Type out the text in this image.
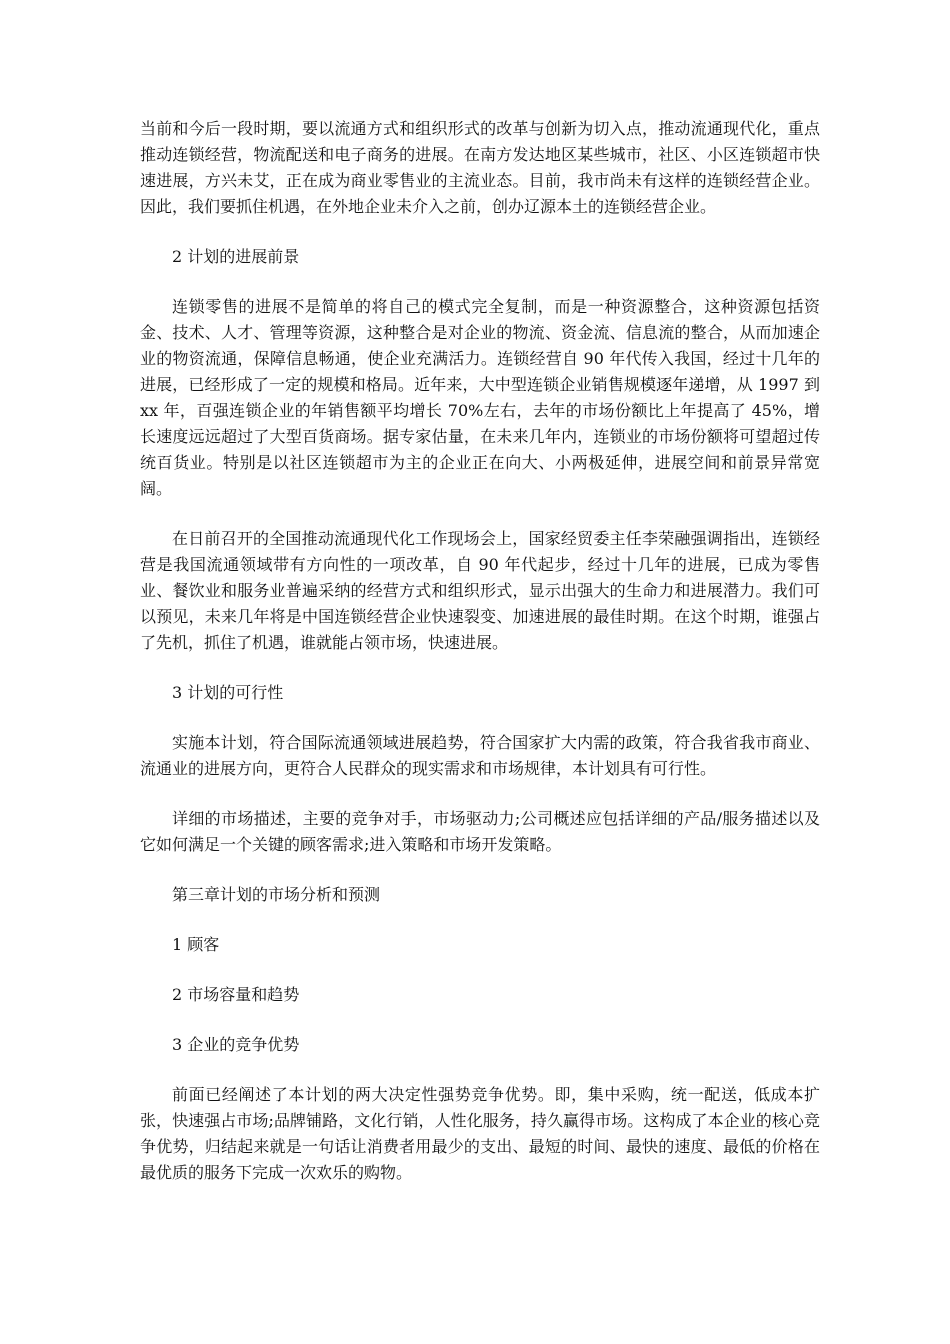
当前和今后一段时期，要以流通方式和组织形式的改革与创新为切入点，推动流通现代化，重点推动连锁经营，物流配送和电子商务的进展。在南方发达地区某些城市，社区、小区连锁超市快速进展，方兴未艾，正在成为商业零售业的主流业态。目前，我市尚未有这样的连锁经营企业。因此，我们要抓住机遇，在外地企业未介入之前，创办辽源本土的连锁经营企业。

2 计划的进展前景

连锁零售的进展不是简单的将自己的模式完全复制，而是一种资源整合，这种资源包括资金、技术、人才、管理等资源，这种整合是对企业的物流、资金流、信息流的整合，从而加速企业的物资流通，保障信息畅通，使企业充满活力。连锁经营自 90 年代传入我国，经过十几年的进展，已经形成了一定的规模和格局。近年来，大中型连锁企业销售规模逐年递增，从 1997 到 xx 年，百强连锁企业的年销售额平均增长 70%左右，去年的市场份额比上年提高了 45%，增长速度远远超过了大型百货商场。据专家估量，在未来几年内，连锁业的市场份额将可望超过传统百货业。特别是以社区连锁超市为主的企业正在向大、小两极延伸，进展空间和前景异常宽阔。

在日前召开的全国推动流通现代化工作现场会上，国家经贸委主任李荣融强调指出，连锁经营是我国流通领域带有方向性的一项改革，自 90 年代起步，经过十几年的进展，已成为零售业、餐饮业和服务业普遍采纳的经营方式和组织形式，显示出强大的生命力和进展潜力。我们可以预见，未来几年将是中国连锁经营企业快速裂变、加速进展的最佳时期。在这个时期，谁强占了先机，抓住了机遇，谁就能占领市场，快速进展。

3 计划的可行性

实施本计划，符合国际流通领域进展趋势，符合国家扩大内需的政策，符合我省我市商业、流通业的进展方向，更符合人民群众的现实需求和市场规律，本计划具有可行性。

详细的市场描述，主要的竞争对手，市场驱动力;公司概述应包括详细的产品/服务描述以及它如何满足一个关键的顾客需求;进入策略和市场开发策略。

第三章计划的市场分析和预测

1 顾客

2 市场容量和趋势

3 企业的竞争优势

前面已经阐述了本计划的两大决定性强势竞争优势。即，集中采购，统一配送，低成本扩张，快速强占市场;品牌铺路，文化行销，人性化服务，持久赢得市场。这构成了本企业的核心竞争优势，归结起来就是一句话让消费者用最少的支出、最短的时间、最快的速度、最低的价格在最优质的服务下完成一次欢乐的购物。
